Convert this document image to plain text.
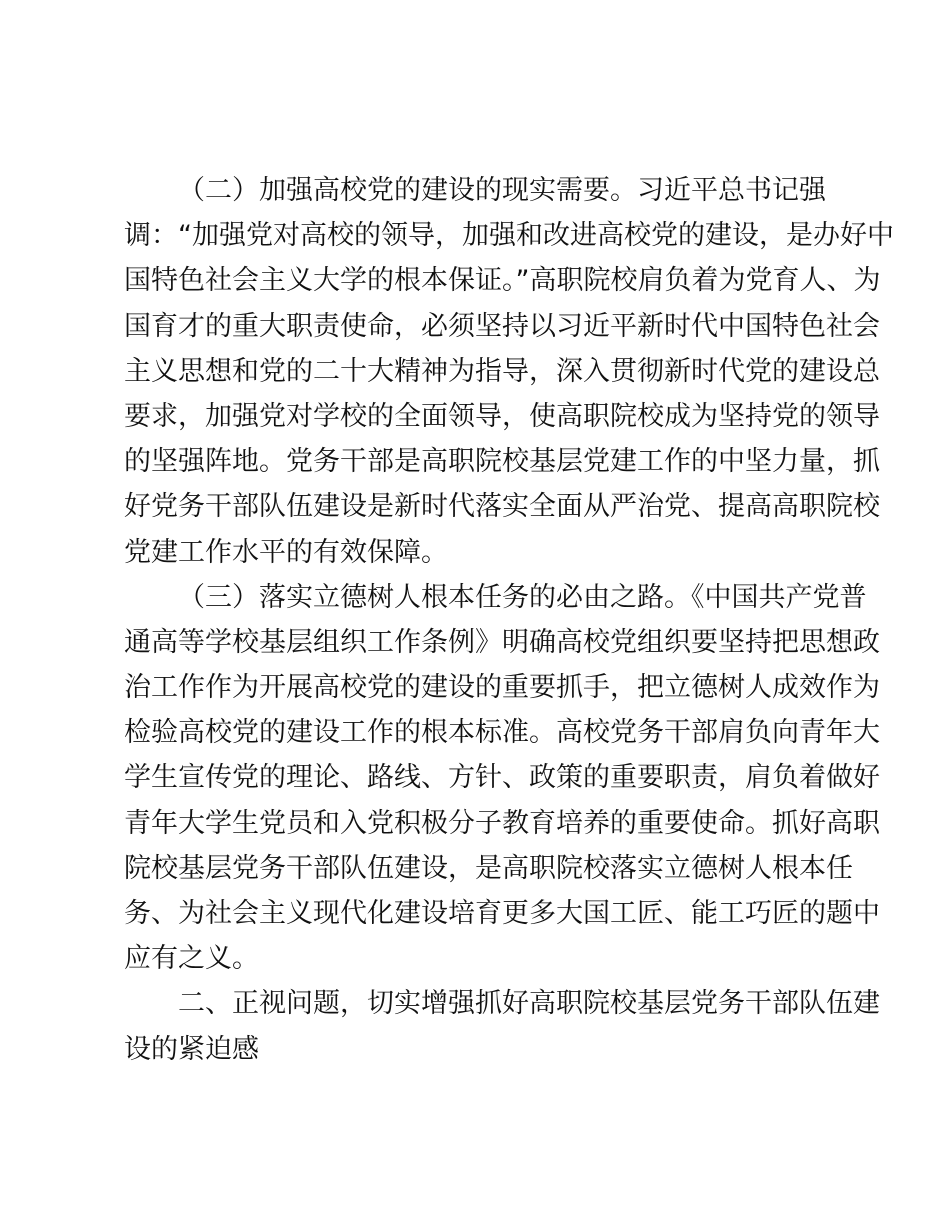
（二）加强高校党的建设的现实需要。习近平总书记强
调：“加强党对高校的领导，加强和改进高校党的建设，是办好中
国特色社会主义大学的根本保证。”高职院校肩负着为党育人、为
国育才的重大职责使命，必须坚持以习近平新时代中国特色社会
主义思想和党的二十大精神为指导，深入贯彻新时代党的建设总
要求，加强党对学校的全面领导，使高职院校成为坚持党的领导
的坚强阵地。党务干部是高职院校基层党建工作的中坚力量，抓
好党务干部队伍建设是新时代落实全面从严治党、提高高职院校
党建工作水平的有效保障。
（三）落实立德树人根本任务的必由之路。《中国共产党普
通高等学校基层组织工作条例》明确高校党组织要坚持把思想政
治工作作为开展高校党的建设的重要抓手，把立德树人成效作为
检验高校党的建设工作的根本标准。高校党务干部肩负向青年大
学生宣传党的理论、路线、方针、政策的重要职责，肩负着做好
青年大学生党员和入党积极分子教育培养的重要使命。抓好高职
院校基层党务干部队伍建设，是高职院校落实立德树人根本任
务、为社会主义现代化建设培育更多大国工匠、能工巧匠的题中
应有之义。
二、正视问题，切实增强抓好高职院校基层党务干部队伍建
设的紧迫感
